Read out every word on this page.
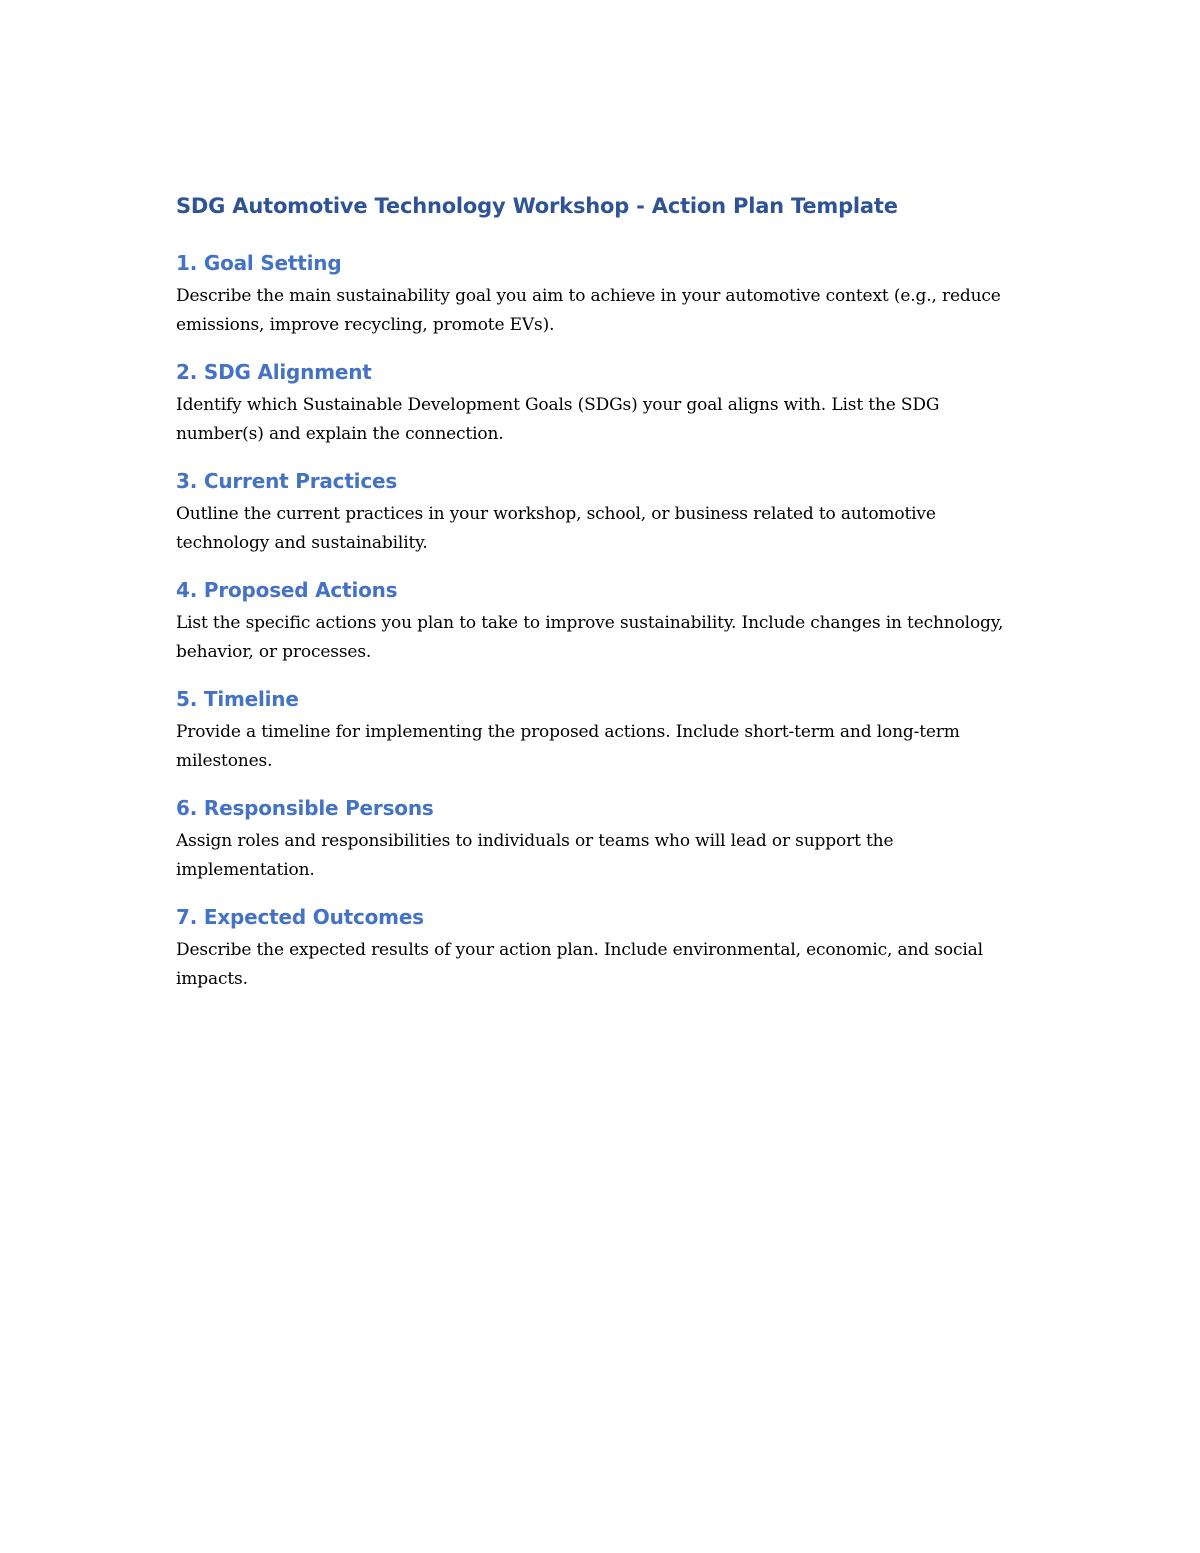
SDG Automotive Technology Workshop - Action Plan Template
1. Goal Setting

Describe the main sustainability goal you aim to achieve in your automotive context (e.g., reduce emissions, improve recycling, promote EVs).

2. SDG Alignment

Identify which Sustainable Development Goals (SDGs) your goal aligns with. List the SDG number(s) and explain the connection.

3. Current Practices

Outline the current practices in your workshop, school, or business related to automotive technology and sustainability.

4. Proposed Actions

List the specific actions you plan to take to improve sustainability. Include changes in technology, behavior, or processes.

5. Timeline

Provide a timeline for implementing the proposed actions. Include short-term and long-term milestones.

6. Responsible Persons

Assign roles and responsibilities to individuals or teams who will lead or support the implementation.

7. Expected Outcomes

Describe the expected results of your action plan. Include environmental, economic, and social impacts.
